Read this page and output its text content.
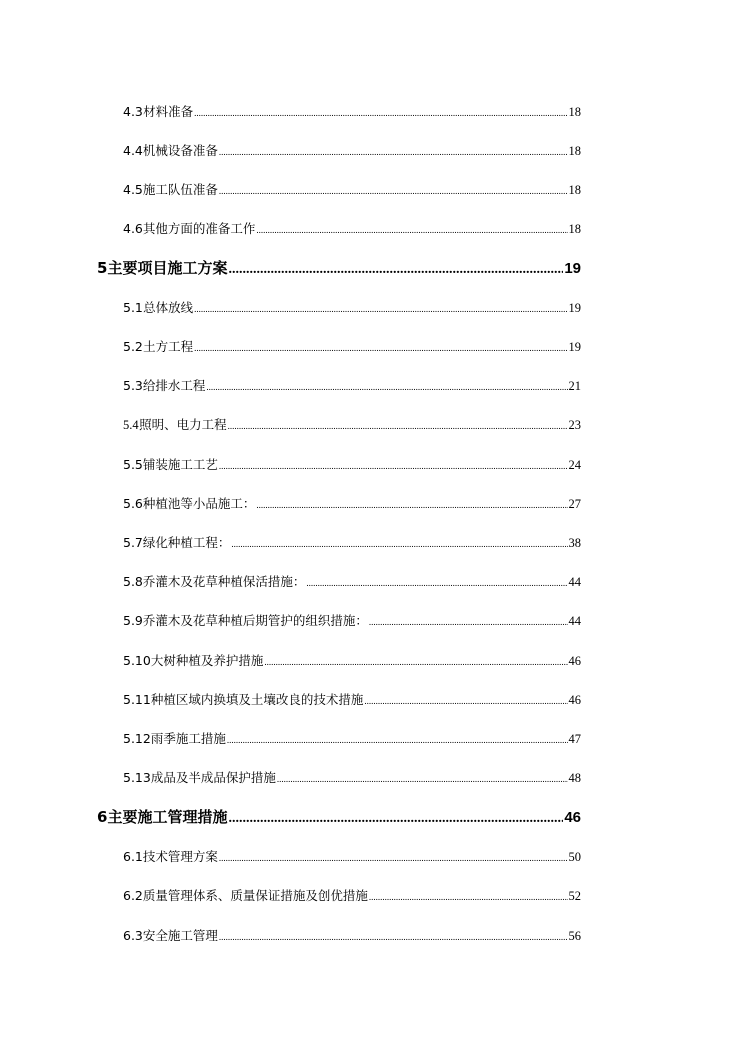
4.3 材料准备 .....	18
4.4 机械设备准备 .....	18
4.5 施工队伍准备 .....	18
4.6 其他方面的准备工作 .....	18
5 主要项目施工方案 .....	19
5.1 总体放线 .....	19
5.2 土方工程 .....	19
5.3 给排水工程 .....	21
5.4 照明、电力工程 .....	23
5.5 铺装施工工艺 .....	24
5.6 种植池等小品施工： .....	27
5.7 绿化种植工程： .....	38
5.8 乔灌木及花草种植保活措施： .....	44
5.9 乔灌木及花草种植后期管护的组织措施： .....	44
5.10 大树种植及养护措施 .....	46
5.11 种植区域内换填及土壤改良的技术措施 .....	46
5.12 雨季施工措施 .....	47
5.13 成品及半成品保护措施 .....	48
6 主要施工管理措施 .....	46
6.1 技术管理方案 .....	50
6.2 质量管理体系、质量保证措施及创优措施 .....	52
6.3 安全施工管理 .....	56
